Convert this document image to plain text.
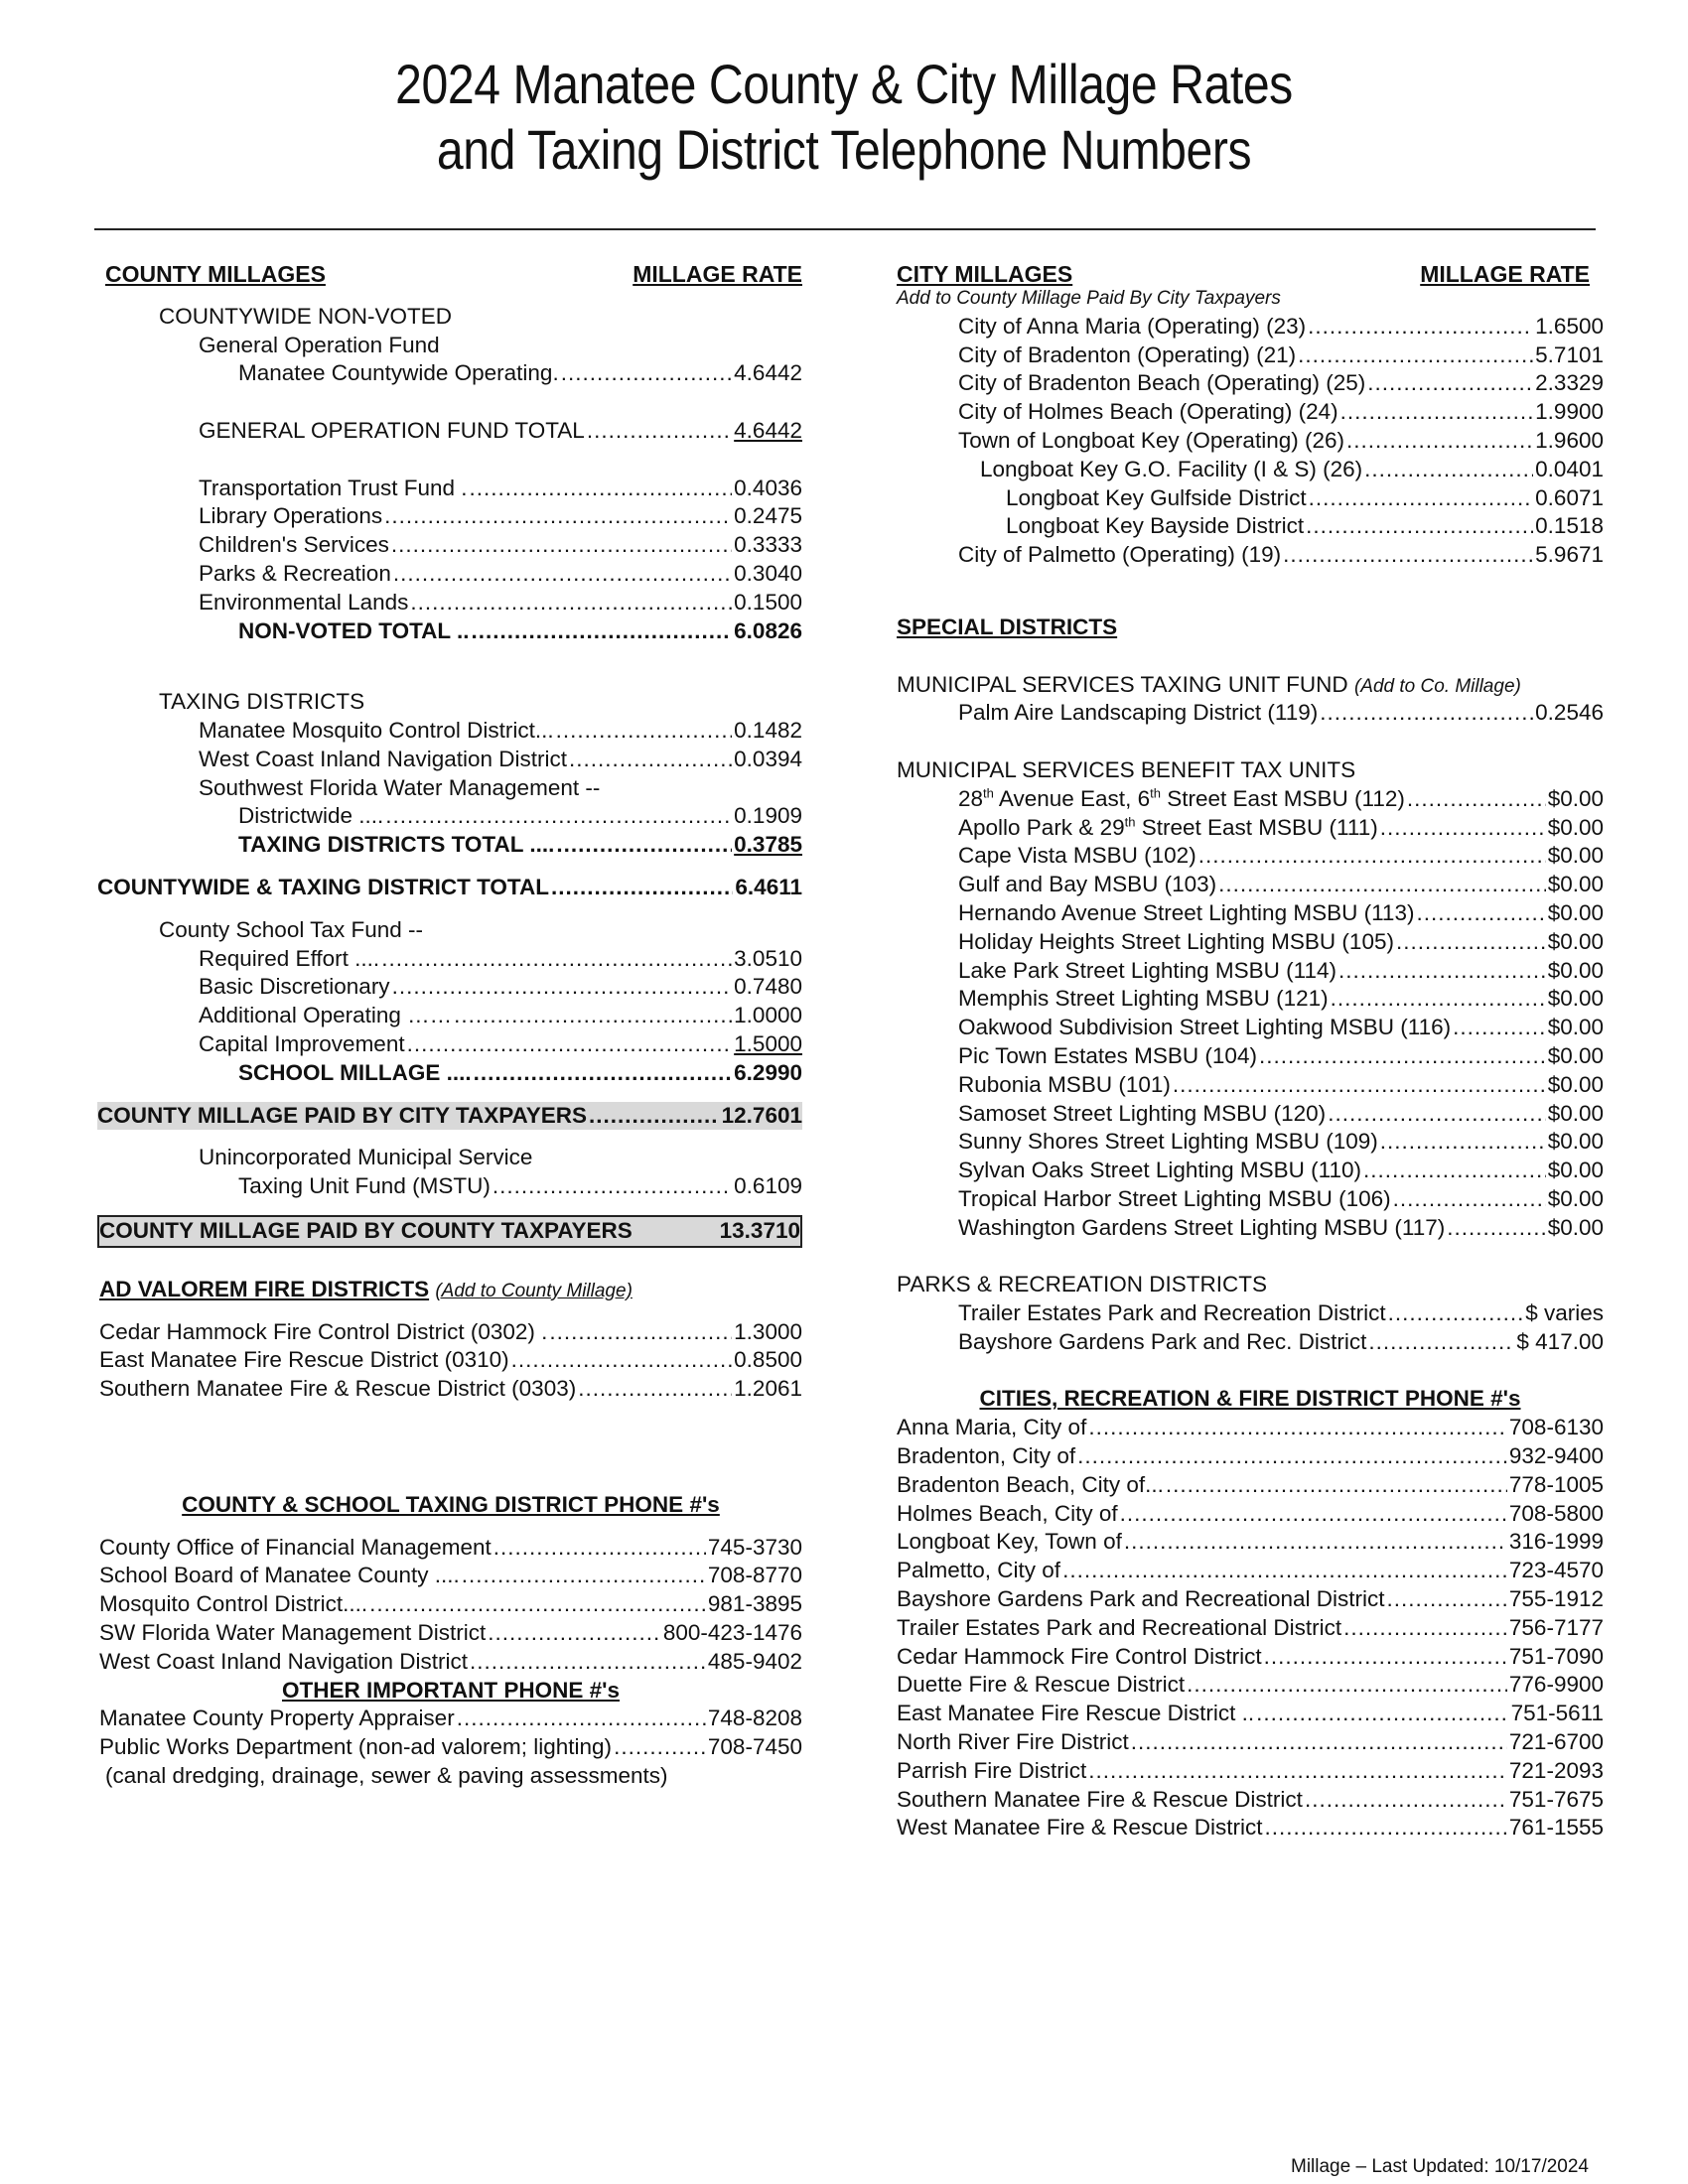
2024 Manatee County & City Millage Rates
and Taxing District Telephone Numbers
COUNTY MILLAGES	MILLAGE RATE
COUNTYWIDE NON-VOTED
General Operation Fund
Manatee Countywide Operating. .....	4.6442
GENERAL OPERATION FUND TOTAL .....	4.6442
Transportation Trust Fund . .....	0.4036
Library Operations .....	0.2475
Children's Services .....	0.3333
Parks & Recreation .....	0.3040
Environmental Lands .....	0.1500
NON-VOTED TOTAL .. .....	6.0826
TAXING DISTRICTS
Manatee Mosquito Control District... .....	0.1482
West Coast Inland Navigation District .....	0.0394
Southwest Florida Water Management --
Districtwide .... .....	0.1909
TAXING DISTRICTS TOTAL .... .....	0.3785
COUNTYWIDE & TAXING DISTRICT TOTAL .....	6.4611
County School Tax Fund --
Required Effort .... .....	3.0510
Basic Discretionary .....	0.7480
Additional Operating …… .....	1.0000
Capital Improvement .....	1.5000
SCHOOL MILLAGE .... .....	6.2990
COUNTY MILLAGE PAID BY CITY TAXPAYERS .....	12.7601
Unincorporated Municipal Service
Taxing Unit Fund (MSTU) .....	0.6109
COUNTY MILLAGE PAID BY COUNTY TAXPAYERS	13.3710
AD VALOREM FIRE DISTRICTS (Add to County Millage)
Cedar Hammock Fire Control District (0302) . .....	1.3000
East Manatee Fire Rescue District (0310) .....	0.8500
Southern Manatee Fire & Rescue District (0303) .....	1.2061
COUNTY & SCHOOL TAXING DISTRICT PHONE #'s
County Office of Financial Management .....	745-3730
School Board of Manatee County .... .....	708-8770
Mosquito Control District.... .....	981-3895
SW Florida Water Management District .....	800-423-1476
West Coast Inland Navigation District .....	485-9402
OTHER IMPORTANT PHONE #'s
Manatee County Property Appraiser .....	748-8208
Public Works Department (non-ad valorem; lighting) .....	708-7450
(canal dredging, drainage, sewer & paving assessments)
CITY MILLAGES	MILLAGE RATE
Add to County Millage Paid By City Taxpayers
City of Anna Maria (Operating) (23) .....	1.6500
City of Bradenton (Operating) (21) .....	5.7101
City of Bradenton Beach (Operating) (25) .....	2.3329
City of Holmes Beach (Operating) (24) .....	1.9900
Town of Longboat Key (Operating) (26) .....	1.9600
Longboat Key G.O. Facility (I & S) (26) .....	0.0401
Longboat Key Gulfside District .....	0.6071
Longboat Key Bayside District .....	0.1518
City of Palmetto (Operating) (19) .....	5.9671
SPECIAL DISTRICTS
MUNICIPAL SERVICES TAXING UNIT FUND (Add to Co. Millage)
Palm Aire Landscaping District (119) .....	0.2546
MUNICIPAL SERVICES BENEFIT TAX UNITS
28th Avenue East, 6th Street East MSBU (112) .....	$0.00
Apollo Park & 29th Street East MSBU (111) .....	$0.00
Cape Vista MSBU (102) .....	$0.00
Gulf and Bay MSBU (103) .....	$0.00
Hernando Avenue Street Lighting MSBU (113) .....	$0.00
Holiday Heights Street Lighting MSBU (105) .....	$0.00
Lake Park Street Lighting MSBU (114) .....	$0.00
Memphis Street Lighting MSBU (121) .....	$0.00
Oakwood Subdivision Street Lighting MSBU (116) .....	$0.00
Pic Town Estates MSBU (104) .....	$0.00
Rubonia MSBU (101) .....	$0.00
Samoset Street Lighting MSBU (120) .....	$0.00
Sunny Shores Street Lighting MSBU (109) .....	$0.00
Sylvan Oaks Street Lighting MSBU (110) .....	$0.00
Tropical Harbor Street Lighting MSBU (106) .....	$0.00
Washington Gardens Street Lighting MSBU (117) .....	$0.00
PARKS & RECREATION DISTRICTS
Trailer Estates Park and Recreation District .....	$ varies
Bayshore Gardens Park and Rec. District .....	$ 417.00
CITIES, RECREATION & FIRE DISTRICT PHONE #'s
Anna Maria, City of .....	708-6130
Bradenton, City of .....	932-9400
Bradenton Beach, City of... .....	778-1005
Holmes Beach, City of .....	708-5800
Longboat Key, Town of .....	316-1999
Palmetto, City of .....	723-4570
Bayshore Gardens Park and Recreational District .....	755-1912
Trailer Estates Park and Recreational District .....	756-7177
Cedar Hammock Fire Control District .....	751-7090
Duette Fire & Rescue District .....	776-9900
East Manatee Fire Rescue District .. .....	751-5611
North River Fire District .....	721-6700
Parrish Fire District .....	721-2093
Southern Manatee Fire & Rescue District .....	751-7675
West Manatee Fire & Rescue District .....	761-1555
Millage – Last Updated: 10/17/2024
